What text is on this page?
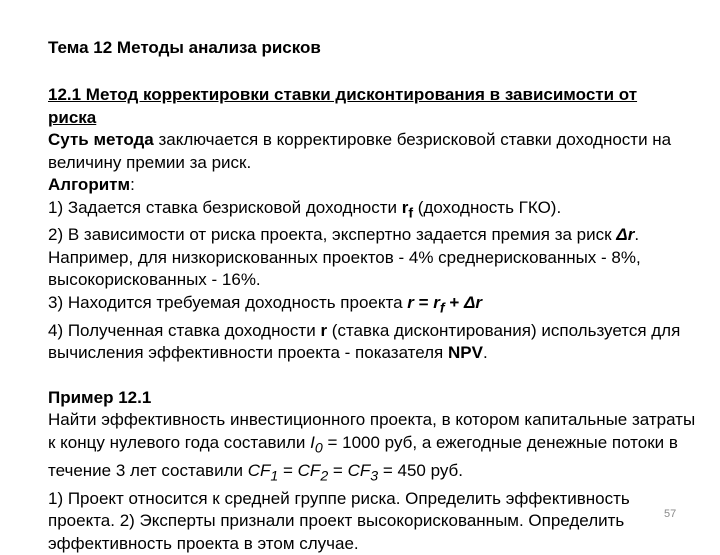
Тема 12 Методы анализа рисков

12.1 Метод корректировки ставки дисконтирования в зависимости от
риска

Суть метода заключается в корректировке безрисковой ставки доходности на величину премии за риск.

Алгоритм:

1) Задается ставка безрисковой доходности $r_f$ (доходность ГКО).

2) В зависимости от риска проекта, экспертно задается премия за риск Δr.

Например, для низкорискованных проектов - 4% среднерискованных - 8%, высокорискованных - 16%.

3) Находится требуемая доходность проекта $r = r_f + \Delta r$

4) Полученная ставка доходности r (ставка дисконтирования) используется для вычисления эффективности проекта - показателя NPV.

Пример 12.1

Найти эффективность инвестиционного проекта, в котором капитальные затраты к концу нулевого года составили $I_0 = 1000$ руб, а ежегодные денежные потоки в течение 3 лет составили $CF_1 = CF_2 = CF_3 = 450$ руб.

1) Проект относится к средней группе риска. Определить эффективность проекта. 2) Эксперты признали проект высокорискованным. Определить эффективность проекта в этом случае.

57
